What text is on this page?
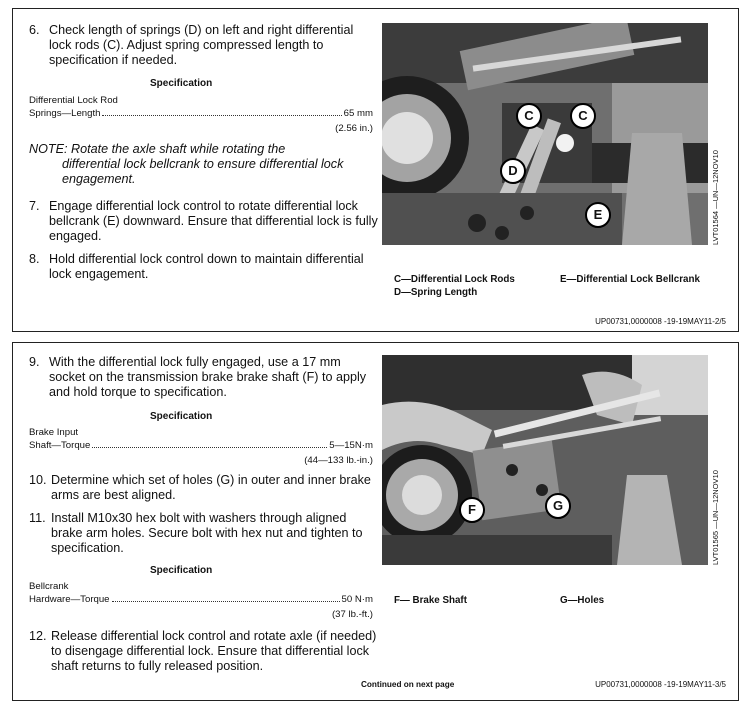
6. Check length of springs (D) on left and right differential lock rods (C). Adjust spring compressed length to specification if needed.
Specification
Differential Lock Rod
Springs—Length	65 mm
(2.56 in.)
NOTE: Rotate the axle shaft while rotating the
differential lock bellcrank to ensure differential lock engagement.
7. Engage differential lock control to rotate differential lock bellcrank (E) downward. Ensure that differential lock is fully engaged.
8. Hold differential lock control down to maintain differential lock engagement.
C	C
D
E	LVT01564 —UN—12NOV10
C—Differential Lock Rods
D—Spring Length
E—Differential Lock Bellcrank
UP00731,0000008 -19-19MAY11-2/5
9. With the differential lock fully engaged, use a 17 mm socket on the transmission brake brake shaft (F) to apply and hold torque to specification.
Specification
Brake Input
Shaft—Torque	5—15N·m
(44—133 lb.-in.)
10. Determine which set of holes (G) in outer and inner brake arms are best aligned.
11. Install M10x30 hex bolt with washers through aligned brake arm holes. Secure bolt with hex nut and tighten to specification.
Specification
Bellcrank
Hardware—Torque	50 N·m
(37 lb.-ft.)
12. Release differential lock control and rotate axle (if needed) to disengage differential lock. Ensure that differential lock shaft returns to fully released position.
F	G	LVT01565 —UN—12NOV10
F— Brake Shaft	G—Holes
Continued on next page	UP00731,0000008 -19-19MAY11-3/5
